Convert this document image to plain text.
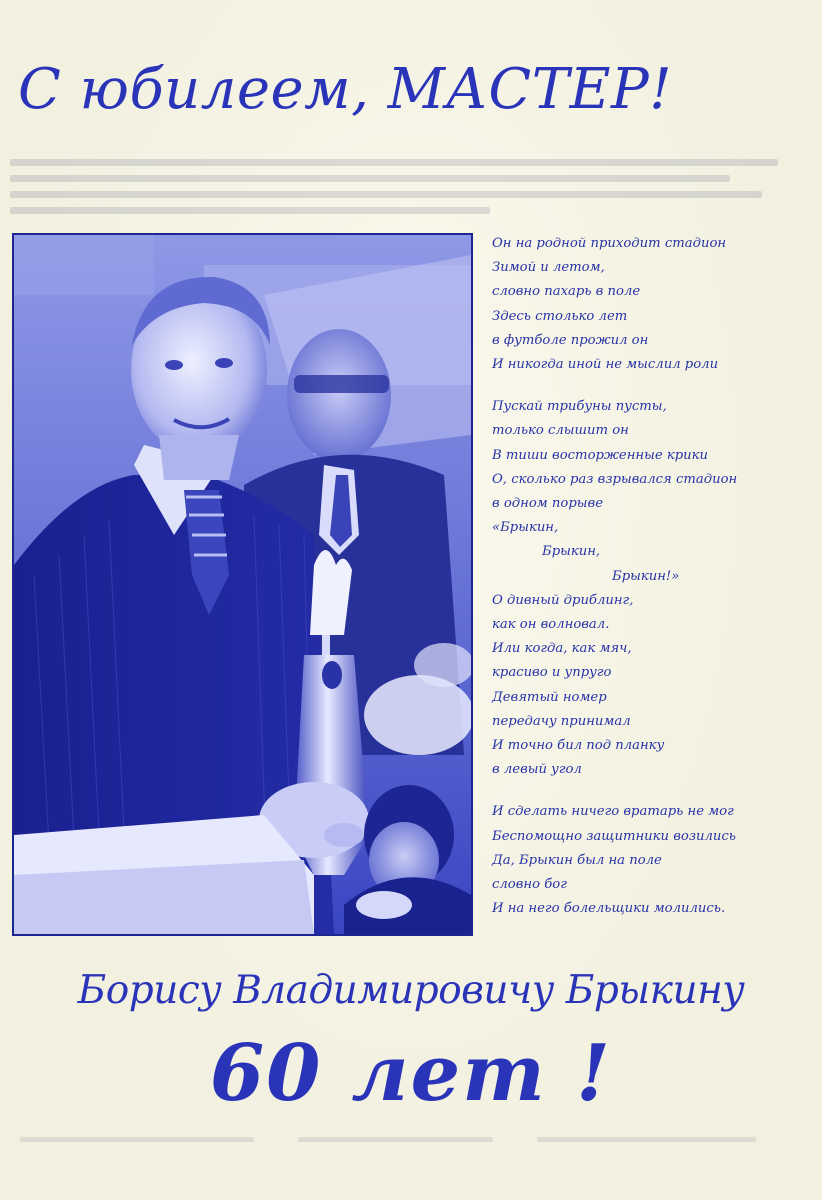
С юбилеем, МАСТЕР!
Он на родной приходит стадион
Зимой и летом,
словно пахарь в поле
Здесь столько лет
в футболе прожил он
И никогда иной не мыслил роли
Пускай трибуны пусты,
только слышит он
В тиши восторженные крики
О, сколько раз взрывался стадион
в одном порыве
«Брыкин,
Брыкин,
Брыкин!»
О дивный дриблинг,
как он волновал.
Или когда, как мяч,
красиво и упруго
Девятый номер
передачу принимал
И точно бил под планку
в левый угол
И сделать ничего вратарь не мог
Беспомощно защитники возились
Да, Брыкин был на поле
словно бог
И на него болельщики молились.
Борису Владимировичу Брыкину
60 лет !
